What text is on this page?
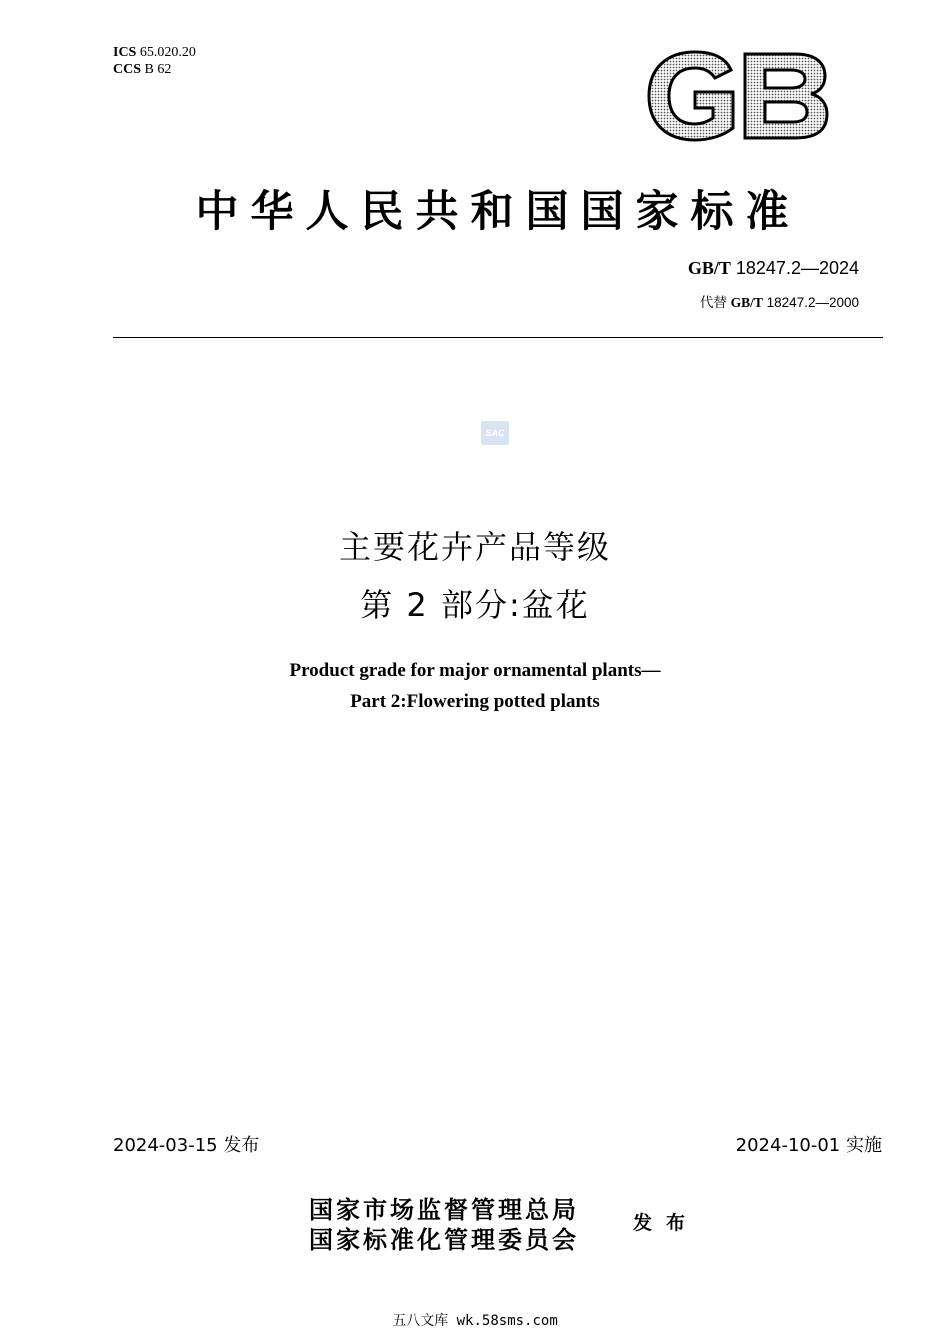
ICS 65.020.20
CCS B 62
中华人民共和国国家标准
GB/T 18247.2—2024
代替 GB/T 18247.2—2000
SAC
主要花卉产品等级
第 2 部分:盆花
Product grade for major ornamental plants—
Part 2:Flowering potted plants
2024-03-15 发布	2024-10-01 实施
国家市场监督管理总局
国家标准化管理委员会
发布
五八文库 wk.58sms.com
